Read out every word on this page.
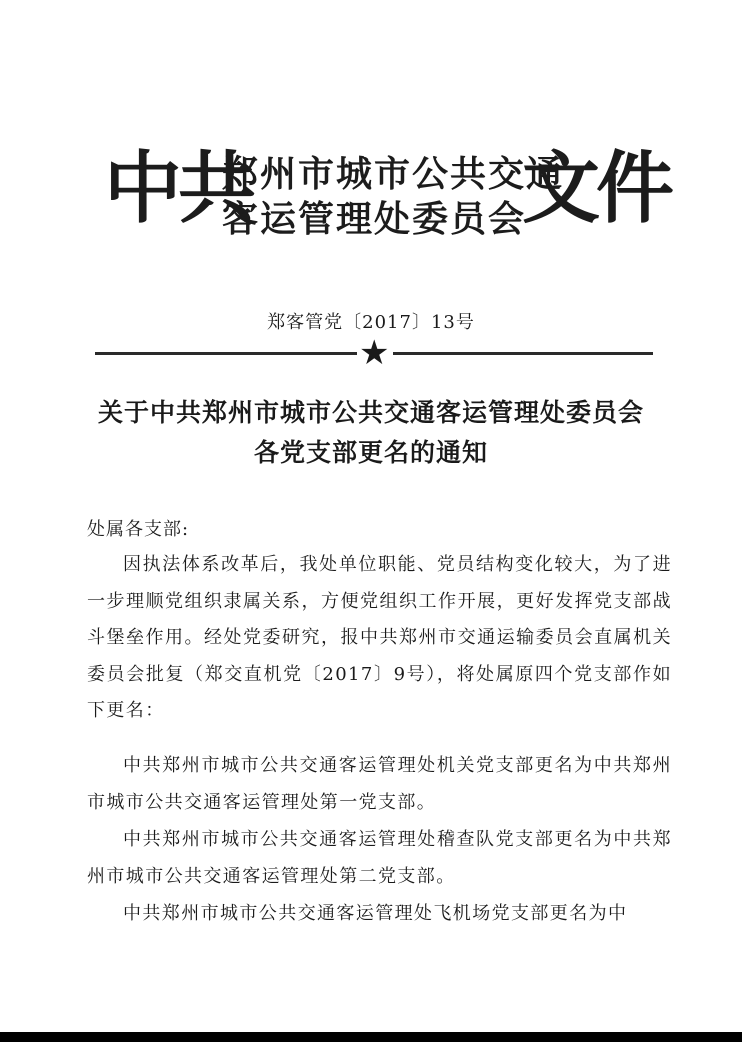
中共
郑州市城市公共交通
客运管理处委员会
文件
郑客管党〔2017〕13号
★
关于中共郑州市城市公共交通客运管理处委员会
各党支部更名的通知
处属各支部:

因执法体系改革后，我处单位职能、党员结构变化较大，为了进一步理顺党组织隶属关系，方便党组织工作开展，更好发挥党支部战斗堡垒作用。经处党委研究，报中共郑州市交通运输委员会直属机关委员会批复（郑交直机党〔2017〕9号），将处属原四个党支部作如下更名：

中共郑州市城市公共交通客运管理处机关党支部更名为中共郑州市城市公共交通客运管理处第一党支部。

中共郑州市城市公共交通客运管理处稽查队党支部更名为中共郑州市城市公共交通客运管理处第二党支部。

中共郑州市城市公共交通客运管理处飞机场党支部更名为中
